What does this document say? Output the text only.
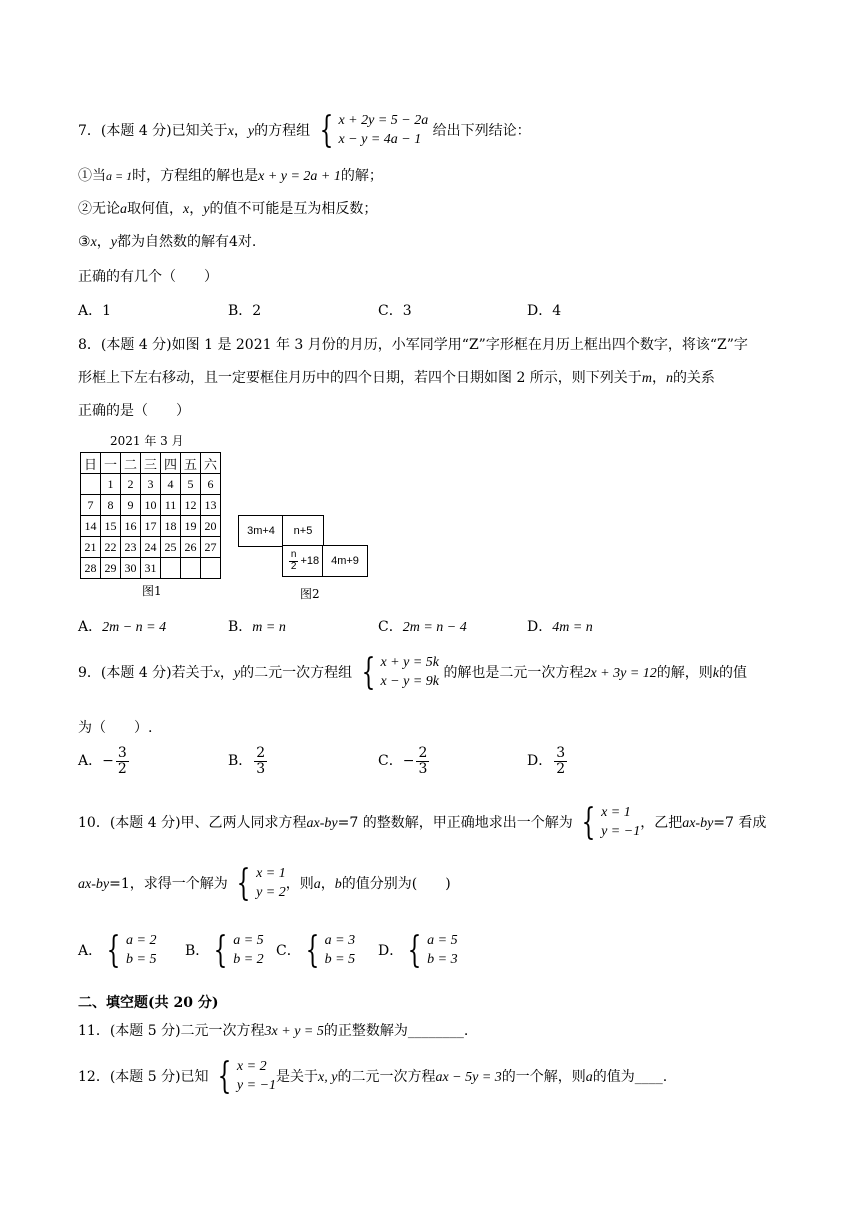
7．(本题 4 分)已知关于x，y的方程组 { x + 2y = 5 − 2a
x − y = 4a − 1
给出下列结论：
①当a = 1时，方程组的解也是x + y = 2a + 1的解；
②无论a取何值，x，y的值不可能是互为相反数；
③x，y都为自然数的解有4对.
正确的有几个（　　）
A．1	B．2	C．3	D．4
8．(本题 4 分)如图 1 是 2021 年 3 月份的月历，小军同学用“Z”字形框在月历上框出四个数字，将该“Z”字
形框上下左右移动，且一定要框住月历中的四个日期，若四个日期如图 2 所示，则下列关于m，n的关系
正确的是（　　）
2021 年 3 月
日	一	二	三	四	五	六
	1	2	3	4	5	6
7	8	9	10	11	12	13
14	15	16	17	18	19	20
21	22	23	24	25	26	27
28	29	30	31			
图1
3m+4	n+5
$\frac{n}{2} +18$	4m+9
图2
A．2m − n = 4	B．m = n	C．2m = n − 4	D．4m = n
9．(本题 4 分)若关于x，y的二元一次方程组 { x + y = 5k
x − y = 9k
的解也是二元一次方程2x + 3y = 12的解，则k的值
为（　　）.
A．− $\frac{3}{2}$	B． $\frac{2}{3}$	C．− $\frac{2}{3}$	D． $\frac{3}{2}$
10．(本题 4 分)甲、乙两人同求方程ax-by=7 的整数解，甲正确地求出一个解为 { x = 1
y = −1
，乙把ax-by=7 看成
ax-by=1，求得一个解为 { x = 1
y = 2
，则a，b的值分别为(　　)
A． { a = 2
b = 5
B． { a = 5
b = 2
C． { a = 3
b = 5
D． { a = 5
b = 3
二、填空题(共 20 分)
11．(本题 5 分)二元一次方程3x + y = 5的正整数解为________.
12．(本题 5 分)已知 { x = 2
y = −1
是关于x, y的二元一次方程ax − 5y = 3的一个解，则a的值为____.
